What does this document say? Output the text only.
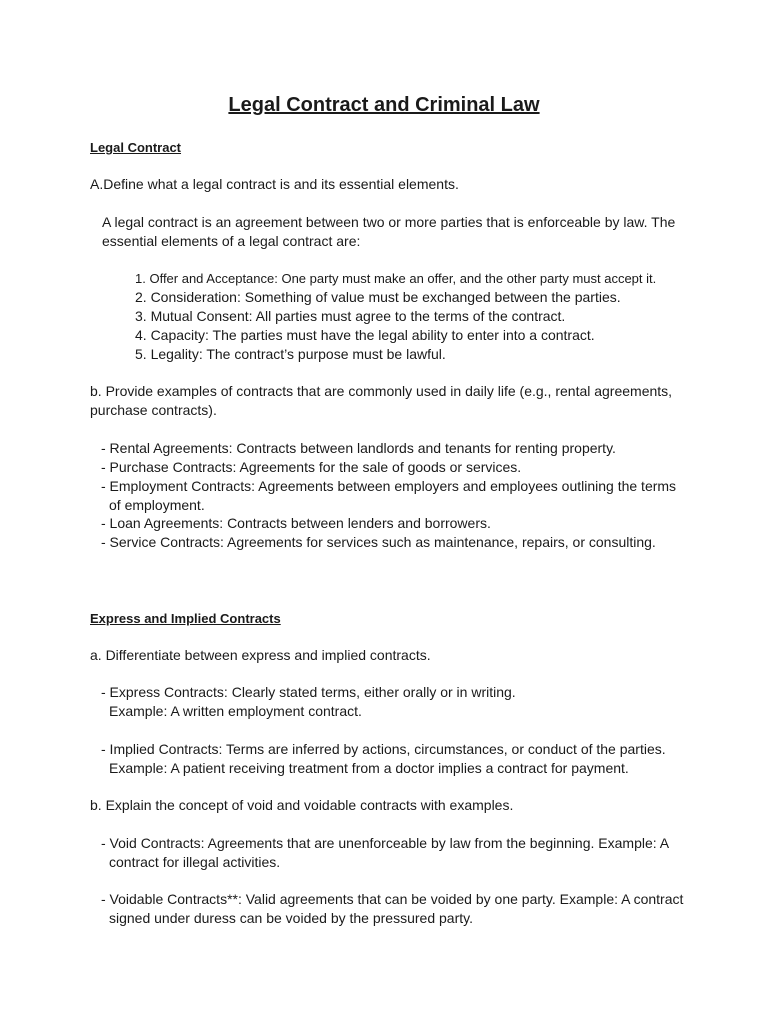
Legal Contract and Criminal Law

Legal Contract

A.Define what a legal contract is and its essential elements.

A legal contract is an agreement between two or more parties that is enforceable by law. The

essential elements of a legal contract are:

1. Offer and Acceptance: One party must make an offer, and the other party must accept it.

2. Consideration: Something of value must be exchanged between the parties.

3. Mutual Consent: All parties must agree to the terms of the contract.

4. Capacity: The parties must have the legal ability to enter into a contract.

5. Legality: The contract’s purpose must be lawful.

b. Provide examples of contracts that are commonly used in daily life (e.g., rental agreements,

purchase contracts).

- Rental Agreements: Contracts between landlords and tenants for renting property.

- Purchase Contracts: Agreements for the sale of goods or services.

- Employment Contracts: Agreements between employers and employees outlining the terms

of employment.

- Loan Agreements: Contracts between lenders and borrowers.

- Service Contracts: Agreements for services such as maintenance, repairs, or consulting.

Express and Implied Contracts

a. Differentiate between express and implied contracts.

- Express Contracts: Clearly stated terms, either orally or in writing.

Example: A written employment contract.

- Implied Contracts: Terms are inferred by actions, circumstances, or conduct of the parties.

Example: A patient receiving treatment from a doctor implies a contract for payment.

b. Explain the concept of void and voidable contracts with examples.

- Void Contracts: Agreements that are unenforceable by law from the beginning. Example: A

contract for illegal activities.

- Voidable Contracts**: Valid agreements that can be voided by one party. Example: A contract

signed under duress can be voided by the pressured party.
